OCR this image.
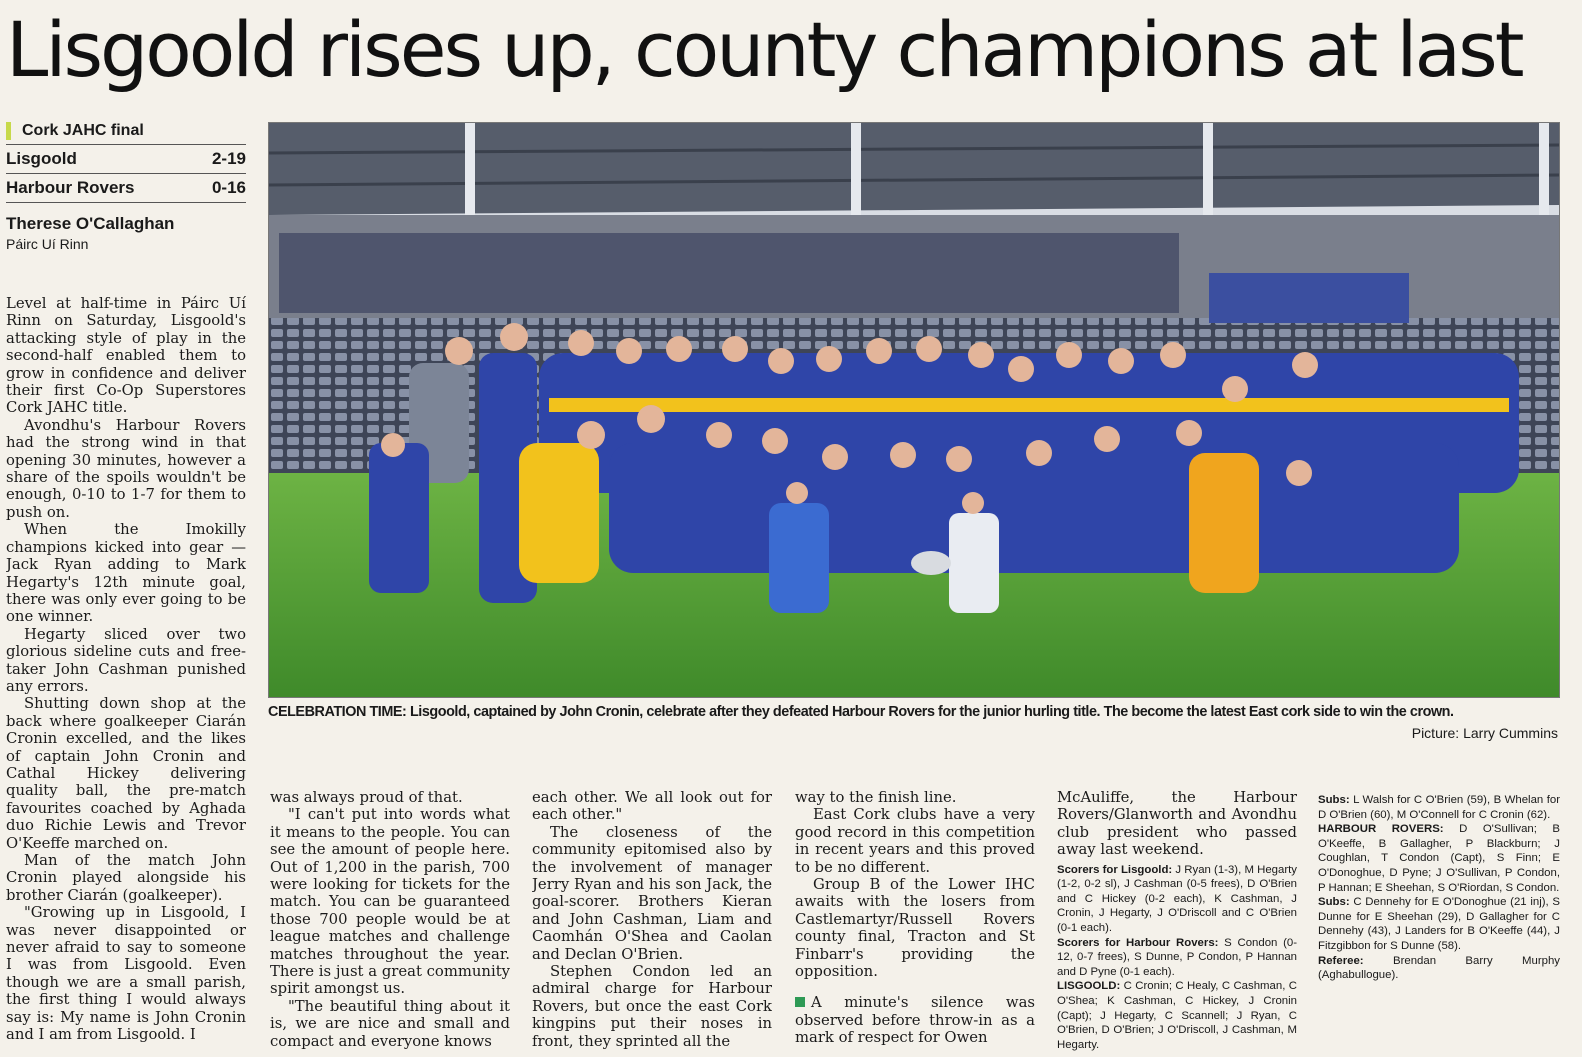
Lisgoold rises up, county champions at last
Cork JAHC final
Lisgoold	2-19
Harbour Rovers	0-16
Therese O'Callaghan
Páirc Uí Rinn
CELEBRATION TIME: Lisgoold, captained by John Cronin, celebrate after they defeated Harbour Rovers for the junior hurling title. The become the latest East cork side to win the crown.
Picture: Larry Cummins

Level at half-time in Páirc Uí Rinn on Saturday, Lisgoold's attacking style of play in the second-half enabled them to grow in confidence and deliver their first Co-Op Superstores Cork JAHC title.

Avondhu's Harbour Rovers had the strong wind in that opening 30 minutes, however a share of the spoils wouldn't be enough, 0-10 to 1-7 for them to push on.

When the Imokilly champions kicked into gear — Jack Ryan adding to Mark Hegarty's 12th minute goal, there was only ever going to be one winner.

Hegarty sliced over two glorious sideline cuts and free-taker John Cashman punished any errors.

Shutting down shop at the back where goalkeeper Ciarán Cronin excelled, and the likes of captain John Cronin and Cathal Hickey delivering quality ball, the pre-match favourites coached by Aghada duo Richie Lewis and Trevor O'Keeffe marched on.

Man of the match John Cronin played alongside his brother Ciarán (goalkeeper).

"Growing up in Lisgoold, I was never disappointed or never afraid to say to someone I was from Lisgoold. Even though we are a small parish, the first thing I would always say is: My name is John Cronin and I am from Lisgoold. I

was always proud of that.

"I can't put into words what it means to the people. You can see the amount of people here. Out of 1,200 in the parish, 700 were looking for tickets for the match. You can be guaranteed those 700 people would be at league matches and challenge matches throughout the year. There is just a great community spirit amongst us.

"The beautiful thing about it is, we are nice and small and compact and everyone knows

each other. We all look out for each other."

The closeness of the community epitomised also by the involvement of manager Jerry Ryan and his son Jack, the goal-scorer. Brothers Kieran and John Cashman, Liam and Caomhán O'Shea and Caolan and Declan O'Brien.

Stephen Condon led an admiral charge for Harbour Rovers, but once the east Cork kingpins put their noses in front, they sprinted all the

way to the finish line.

East Cork clubs have a very good record in this competition in recent years and this proved to be no different.

Group B of the Lower IHC awaits with the losers from Castlemartyr/Russell Rovers county final, Tracton and St Finbarr's providing the opposition.

A minute's silence was observed before throw-in as a mark of respect for Owen

McAuliffe, the Harbour Rovers/Glanworth and Avondhu club president who passed away last weekend.

Scorers for Lisgoold: J Ryan (1-3), M Hegarty (1-2, 0-2 sl), J Cashman (0-5 frees), D O'Brien and C Hickey (0-2 each), K Cashman, J Cronin, J Hegarty, J O'Driscoll and C O'Brien (0-1 each).

Scorers for Harbour Rovers: S Condon (0-12, 0-7 frees), S Dunne, P Condon, P Hannan and D Pyne (0-1 each).

LISGOOLD: C Cronin; C Healy, C Cashman, C O'Shea; K Cashman, C Hickey, J Cronin (Capt); J Hegarty, C Scannell; J Ryan, C O'Brien, D O'Brien; J O'Driscoll, J Cashman, M Hegarty.

Subs: L Walsh for C O'Brien (59), B Whelan for D O'Brien (60), M O'Connell for C Cronin (62).

HARBOUR ROVERS: D O'Sullivan; B O'Keeffe, B Gallagher, P Blackburn; J Coughlan, T Condon (Capt), S Finn; E O'Donoghue, D Pyne; J O'Sullivan, P Condon, P Hannan; E Sheehan, S O'Riordan, S Condon.

Subs: C Dennehy for E O'Donoghue (21 inj), S Dunne for E Sheehan (29), D Gallagher for C Dennehy (43), J Landers for B O'Keeffe (44), J Fitzgibbon for S Dunne (58).

Referee:	Brendan Barry Murphy (Aghabullogue).
